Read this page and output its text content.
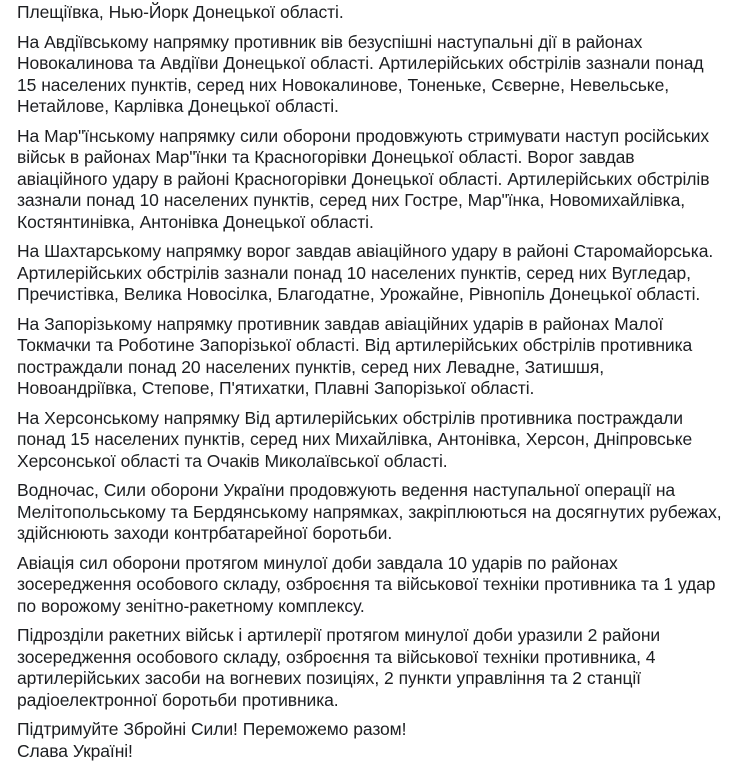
Плещіївка, Нью-Йорк Донецької області.

На Авдіївському напрямку противник вів безуспішні наступальні дії в районах Новокалинова та Авдіїви Донецької області. Артилерійських обстрілів зазнали понад 15 населених пунктів, серед них Новокалинове, Тоненьке, Сєверне, Невельське, Нетайлове, Карлівка Донецької області.

На Мар"їнському напрямку сили оборони продовжують стримувати наступ російських військ в районах Мар"їнки та Красногорівки Донецької області. Ворог завдав авіаційного удару в районі Красногорівки Донецької області. Артилерійських обстрілів зазнали понад 10 населених пунктів, серед них Гостре, Мар"їнка, Новомихайлівка, Костянтинівка, Антонівка Донецької області.

На Шахтарському напрямку ворог завдав авіаційного удару в районі Старомайорська. Артилерійських обстрілів зазнали понад 10 населених пунктів, серед них Вугледар, Пречистівка, Велика Новосілка, Благодатне, Урожайне, Рівнопіль Донецької області.

На Запорізькому напрямку противник завдав авіаційних ударів в районах Малої Токмачки та Роботине Запорізької області. Від артилерійських обстрілів противника постраждали понад 20 населених пунктів, серед них Левадне, Затишшя, Новоандріївка, Степове, П'ятихатки, Плавні Запорізької області.

На Херсонському напрямку Від артилерійських обстрілів противника постраждали понад 15 населених пунктів, серед них Михайлівка, Антонівка, Херсон, Дніпровське Херсонської області та Очаків Миколаївської області.

Водночас, Сили оборони України продовжують ведення наступальної операції на Мелітопольському та Бердянському напрямках, закріплюються на досягнутих рубежах, здійснюють заходи контрбатарейної боротьби.

Авіація сил оборони протягом минулої доби завдала 10 ударів по районах зосередження особового складу, озброєння та військової техніки противника та 1 удар по ворожому зенітно-ракетному комплексу.

Підрозділи ракетних військ і артилерії протягом минулої доби уразили 2 райони зосередження особового складу, озброєння та військової техніки противника, 4 артилерійських засоби на вогневих позиціях, 2 пункти управління та 2 станції радіоелектронної боротьби противника.

Підтримуйте Збройні Сили! Переможемо разом!
Слава Україні!
